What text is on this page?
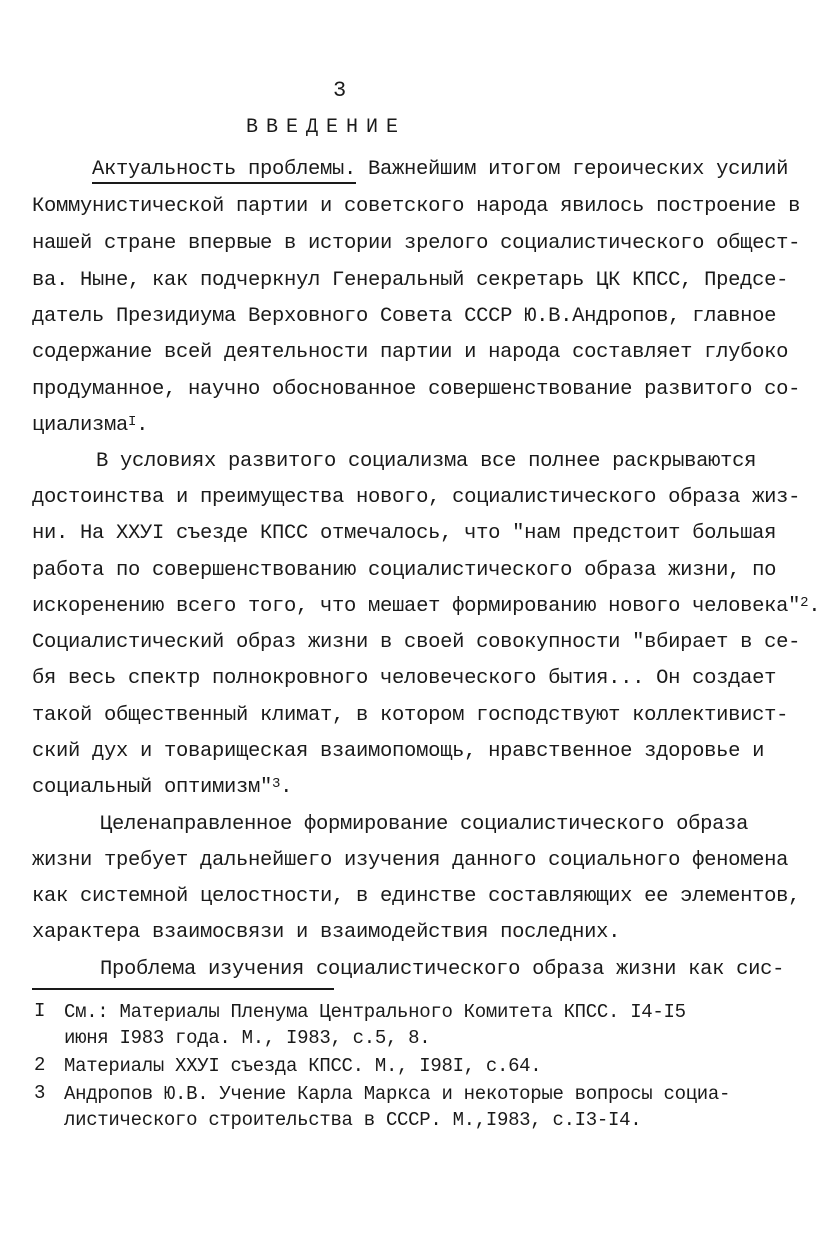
3
ВВЕДЕНИЕ
Актуальность проблемы. Важнейшим итогом героических усилий
Коммунистической партии и советского народа явилось построение в
нашей стране впервые в истории зрелого социалистического общест-
ва. Ныне, как подчеркнул Генеральный секретарь ЦК КПСС, Предсе-
датель Президиума Верховного Совета СССР Ю.В.Андропов, главное
содержание всей деятельности партии и народа составляет глубоко
продуманное, научно обоснованное совершенствование развитого со-
циализма$^I$.
В условиях развитого социализма все полнее раскрываются
достоинства и преимущества нового, социалистического образа жиз-
ни. На XXУI съезде КПСС отмечалось, что "нам предстоит большая
работа по совершенствованию социалистического образа жизни, по
искоренению всего того, что мешает формированию нового человека"$^2$.
Социалистический образ жизни в своей совокупности "вбирает в се-
бя весь спектр полнокровного человеческого бытия... Он создает
такой общественный климат, в котором господствуют коллективист-
ский дух и товарищеская взаимопомощь, нравственное здоровье и
социальный оптимизм"$^3$.
Целенаправленное формирование социалистического образа
жизни требует дальнейшего изучения данного социального феномена
как системной целостности, в единстве составляющих ее элементов,
характера взаимосвязи и взаимодействия последних.
Проблема изучения социалистического образа жизни как сис-
I См.: Материалы Пленума Центрального Комитета КПСС. I4-I5
июня I983 года. М., I983, с.5, 8.
2 Материалы XXУI съезда КПСС. М., I98I, с.64.
3 Андропов Ю.В. Учение Карла Маркса и некоторые вопросы социа-
листического строительства в СССР. М.,I983, с.I3-I4.
